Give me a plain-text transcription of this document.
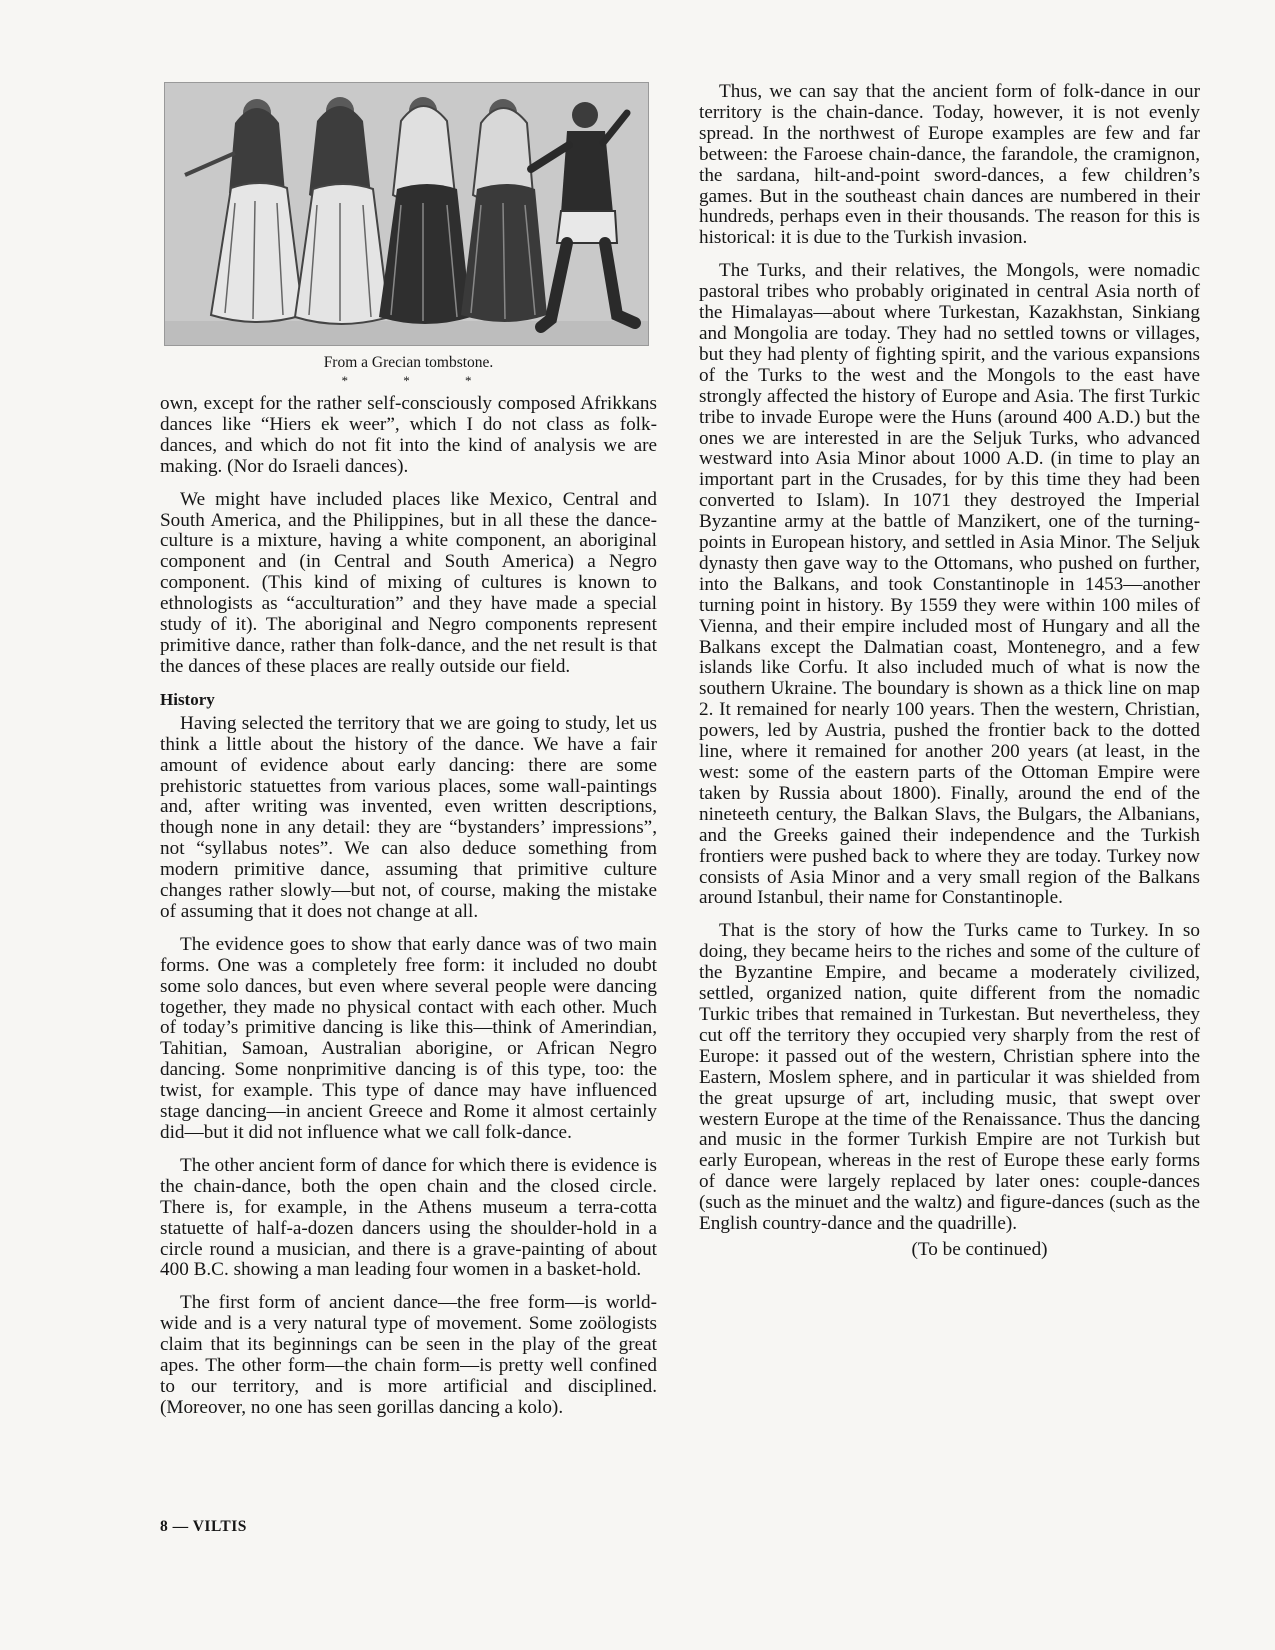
From a Grecian tombstone.
* * *

own, except for the rather self-consciously composed Afrikkans dances like “Hiers ek weer”, which I do not class as folk-dances, and which do not fit into the kind of analysis we are making. (Nor do Israeli dances).

We might have included places like Mexico, Central and South America, and the Philippines, but in all these the dance-culture is a mixture, having a white component, an aboriginal component and (in Central and South America) a Negro component. (This kind of mixing of cultures is known to ethnologists as “acculturation” and they have made a special study of it). The aboriginal and Negro components represent primitive dance, rather than folk-dance, and the net result is that the dances of these places are really outside our field.

History

Having selected the territory that we are going to study, let us think a little about the history of the dance. We have a fair amount of evidence about early dancing: there are some prehistoric statuettes from various places, some wall-paintings and, after writing was invented, even written descriptions, though none in any detail: they are “bystanders’ impressions”, not “syllabus notes”. We can also deduce something from modern primitive dance, assuming that primitive culture changes rather slowly—but not, of course, making the mistake of assuming that it does not change at all.

The evidence goes to show that early dance was of two main forms. One was a completely free form: it included no doubt some solo dances, but even where several people were dancing together, they made no physical contact with each other. Much of today’s primitive dancing is like this—think of Amerindian, Tahitian, Samoan, Australian aborigine, or African Negro dancing. Some nonprimitive dancing is of this type, too: the twist, for example. This type of dance may have influenced stage dancing—in ancient Greece and Rome it almost certainly did—but it did not influence what we call folk-dance.

The other ancient form of dance for which there is evidence is the chain-dance, both the open chain and the closed circle. There is, for example, in the Athens museum a terra-cotta statuette of half-a-dozen dancers using the shoulder-hold in a circle round a musician, and there is a grave-painting of about 400 B.C. showing a man leading four women in a basket-hold.

The first form of ancient dance—the free form—is world-wide and is a very natural type of movement. Some zoölogists claim that its beginnings can be seen in the play of the great apes. The other form—the chain form—is pretty well confined to our territory, and is more artificial and disciplined. (Moreover, no one has seen gorillas dancing a kolo).

Thus, we can say that the ancient form of folk-dance in our territory is the chain-dance. Today, however, it is not evenly spread. In the northwest of Europe examples are few and far between: the Faroese chain-dance, the farandole, the cramignon, the sardana, hilt-and-point sword-dances, a few children’s games. But in the southeast chain dances are numbered in their hundreds, perhaps even in their thousands. The reason for this is historical: it is due to the Turkish invasion.

The Turks, and their relatives, the Mongols, were nomadic pastoral tribes who probably originated in central Asia north of the Himalayas—about where Turkestan, Kazakhstan, Sinkiang and Mongolia are today. They had no settled towns or villages, but they had plenty of fighting spirit, and the various expansions of the Turks to the west and the Mongols to the east have strongly affected the history of Europe and Asia. The first Turkic tribe to invade Europe were the Huns (around 400 A.D.) but the ones we are interested in are the Seljuk Turks, who advanced westward into Asia Minor about 1000 A.D. (in time to play an important part in the Crusades, for by this time they had been converted to Islam). In 1071 they destroyed the Imperial Byzantine army at the battle of Manzikert, one of the turning-points in European history, and settled in Asia Minor. The Seljuk dynasty then gave way to the Ottomans, who pushed on further, into the Balkans, and took Constantinople in 1453—another turning point in history. By 1559 they were within 100 miles of Vienna, and their empire included most of Hungary and all the Balkans except the Dalmatian coast, Montenegro, and a few islands like Corfu. It also included much of what is now the southern Ukraine. The boundary is shown as a thick line on map 2. It remained for nearly 100 years. Then the western, Christian, powers, led by Austria, pushed the frontier back to the dotted line, where it remained for another 200 years (at least, in the west: some of the eastern parts of the Ottoman Empire were taken by Russia about 1800). Finally, around the end of the nineteeth century, the Balkan Slavs, the Bulgars, the Albanians, and the Greeks gained their independence and the Turkish frontiers were pushed back to where they are today. Turkey now consists of Asia Minor and a very small region of the Balkans around Istanbul, their name for Constantinople.

That is the story of how the Turks came to Turkey. In so doing, they became heirs to the riches and some of the culture of the Byzantine Empire, and became a moderately civilized, settled, organized nation, quite different from the nomadic Turkic tribes that remained in Turkestan. But nevertheless, they cut off the territory they occupied very sharply from the rest of Europe: it passed out of the western, Christian sphere into the Eastern, Moslem sphere, and in particular it was shielded from the great upsurge of art, including music, that swept over western Europe at the time of the Renaissance. Thus the dancing and music in the former Turkish Empire are not Turkish but early European, whereas in the rest of Europe these early forms of dance were largely replaced by later ones: couple-dances (such as the minuet and the waltz) and figure-dances (such as the English country-dance and the quadrille).

(To be continued)
8 — VILTIS
